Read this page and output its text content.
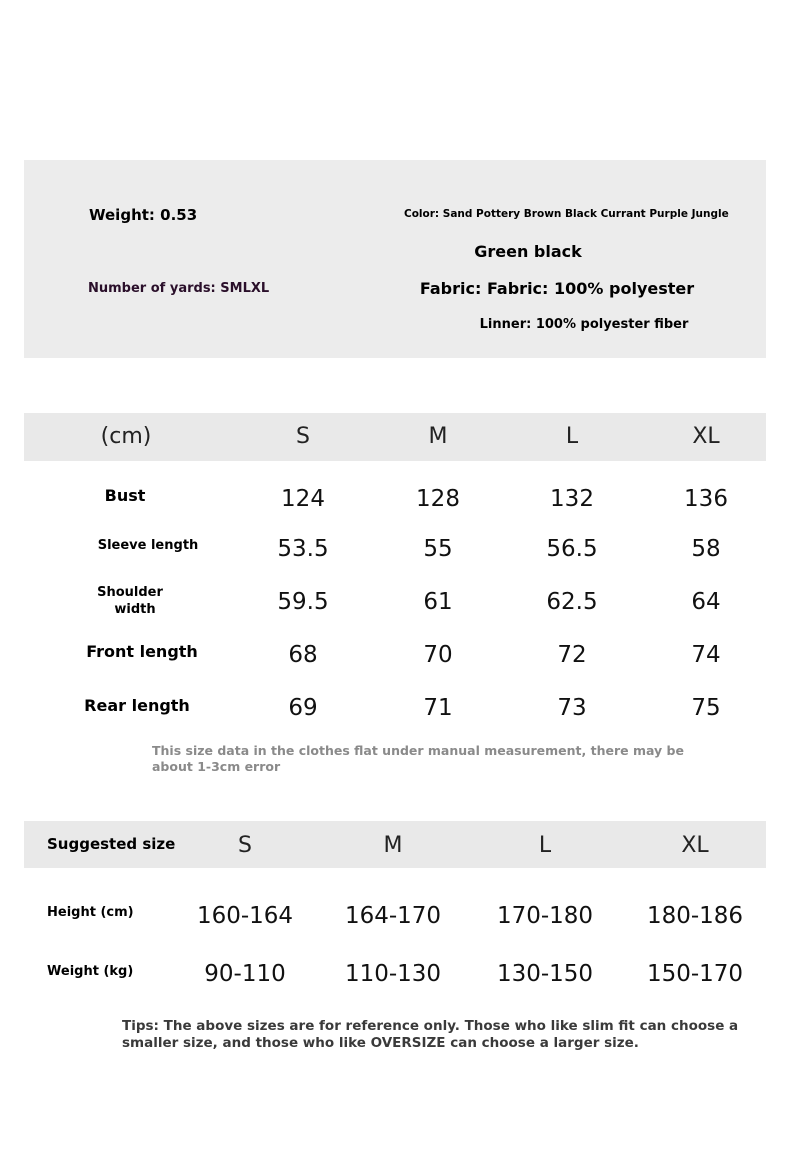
Weight: 0.53
Number of yards: SMLXL
Color: Sand Pottery Brown Black Currant Purple Jungle
Green black
Fabric: Fabric: 100% polyester
Linner: 100% polyester fiber
(cm)	S	M	L	XL
Bust	124	128	132	136
Sleeve length	53.5	55	56.5	58
Shoulder
width	59.5	61	62.5	64
Front length	68	70	72	74
Rear length	69	71	73	75
This size data in the clothes flat under manual measurement, there may be
about 1-3cm error
Suggested size	S	M	L	XL
Height (cm)	160-164 164-170 170-180 180-186
Weight (kg)	90-110	110-130 130-150 150-170
Tips: The above sizes are for reference only. Those who like slim fit can choose a
smaller size, and those who like OVERSIZE can choose a larger size.
